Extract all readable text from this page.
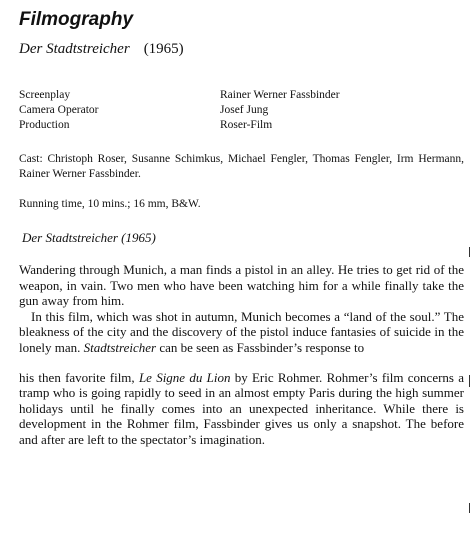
Filmography
Der Stadtstreicher (1965)
Screenplay	Rainer Werner Fassbinder
Camera Operator	Josef Jung
Production	Roser-Film
Cast: Christoph Roser, Susanne Schimkus, Michael Fengler, Thomas Fengler, Irm Hermann, Rainer Werner Fassbinder.
Running time, 10 mins.; 16 mm, B&W.
Der Stadtstreicher (1965)

Wandering through Munich, a man finds a pistol in an alley. He tries to get rid of the weapon, in vain. Two men who have been watching him for a while finally take the gun away from him.

In this film, which was shot in autumn, Munich becomes a “land of the soul.” The bleakness of the city and the discovery of the pistol induce fantasies of suicide in the lonely man. Stadtstreicher can be seen as Fassbinder’s response to

his then favorite film, Le Signe du Lion by Eric Rohmer. Rohmer’s film concerns a tramp who is going rapidly to seed in an almost empty Paris during the high summer holidays until he finally comes into an unexpected inheritance. While there is development in the Rohmer film, Fassbinder gives us only a snapshot. The before and after are left to the spectator’s imagination.
